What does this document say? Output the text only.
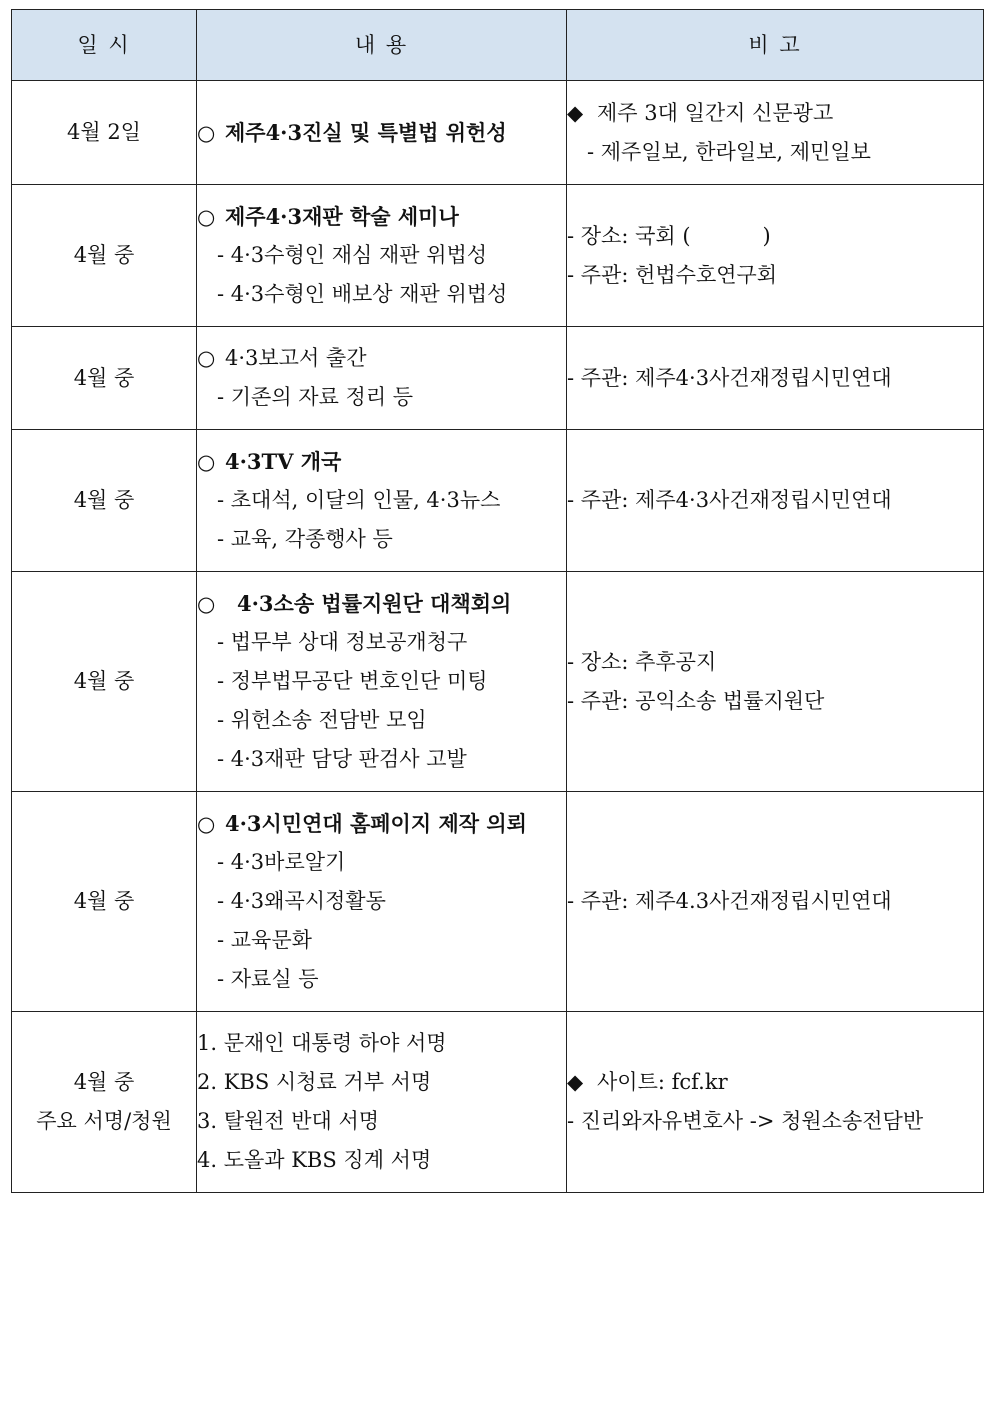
일 시	내 용	비 고
4월 2일	○ 제주4·3진실 및 특별법 위헌성	◆ 제주 3대 일간지 신문광고
- 제주일보, 한라일보, 제민일보

4월 중	○ 제주4·3재판 학술 세미나
- 4·3수형인 재심 재판 위법성
- 4·3수형인 배보상 재판 위법성	- 장소: 국회 ( )
- 주관: 헌법수호연구회

4월 중	○ 4·3보고서 출간
- 기존의 자료 정리 등	- 주관: 제주4·3사건재정립시민연대

4월 중	○ 4·3TV 개국
- 초대석, 이달의 인물, 4·3뉴스
- 교육, 각종행사 등	- 주관: 제주4·3사건재정립시민연대

4월 중	○ 4·3소송 법률지원단 대책회의
- 법무부 상대 정보공개청구
- 정부법무공단 변호인단 미팅
- 위헌소송 전담반 모임
- 4·3재판 담당 판검사 고발	- 장소: 추후공지
- 주관: 공익소송 법률지원단

4월 중	○ 4·3시민연대 홈페이지 제작 의뢰
- 4·3바로알기
- 4·3왜곡시정활동
- 교육문화
- 자료실 등	- 주관: 제주4.3사건재정립시민연대

4월 중
주요 서명/청원	1. 문재인 대통령 하야 서명
2. KBS 시청료 거부 서명
3. 탈원전 반대 서명
4. 도올과 KBS 징계 서명	◆ 사이트: fcf.kr
- 진리와자유변호사 -> 청원소송전담반
